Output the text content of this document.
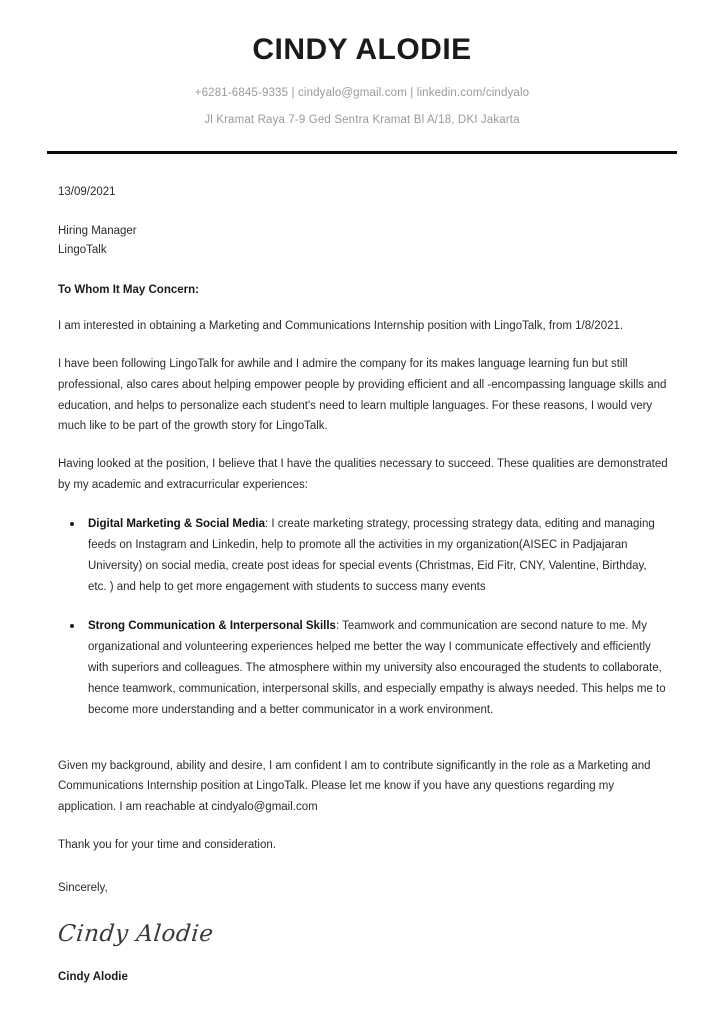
CINDY ALODIE
+6281-6845-9335 | cindyalo@gmail.com | linkedin.com/cindyalo
Jl Kramat Raya 7-9 Ged Sentra Kramat Bl A/18, DKI Jakarta
13/09/2021
Hiring Manager
LingoTalk
To Whom It May Concern:

I am interested in obtaining a Marketing and Communications Internship position with LingoTalk, from 1/8/2021.

I have been following LingoTalk for awhile and I admire the company for its makes language learning fun but still professional, also cares about helping empower people by providing efficient and all -encompassing language skills and education, and helps to personalize each student's need to learn multiple languages. For these reasons, I would very much like to be part of the growth story for LingoTalk.

Having looked at the position, I believe that I have the qualities necessary to succeed. These qualities are demonstrated by my academic and extracurricular experiences:

Digital Marketing & Social Media: I create marketing strategy, processing strategy data, editing and managing feeds on Instagram and Linkedin, help to promote all the activities in my organization(AISEC in Padjajaran University) on social media, create post ideas for special events (Christmas, Eid Fitr, CNY, Valentine, Birthday, etc. ) and help to get more engagement with students to success many events
Strong Communication & Interpersonal Skills: Teamwork and communication are second nature to me. My organizational and volunteering experiences helped me better the way I communicate effectively and efficiently with superiors and colleagues. The atmosphere within my university also encouraged the students to collaborate, hence teamwork, communication, interpersonal skills, and especially empathy is always needed. This helps me to become more understanding and a better communicator in a work environment.

Given my background, ability and desire, I am confident I am to contribute significantly in the role as a Marketing and Communications Internship position at LingoTalk. Please let me know if you have any questions regarding my application. I am reachable at cindyalo@gmail.com

Thank you for your time and consideration.

Sincerely,
Cindy Alodie
Cindy Alodie
